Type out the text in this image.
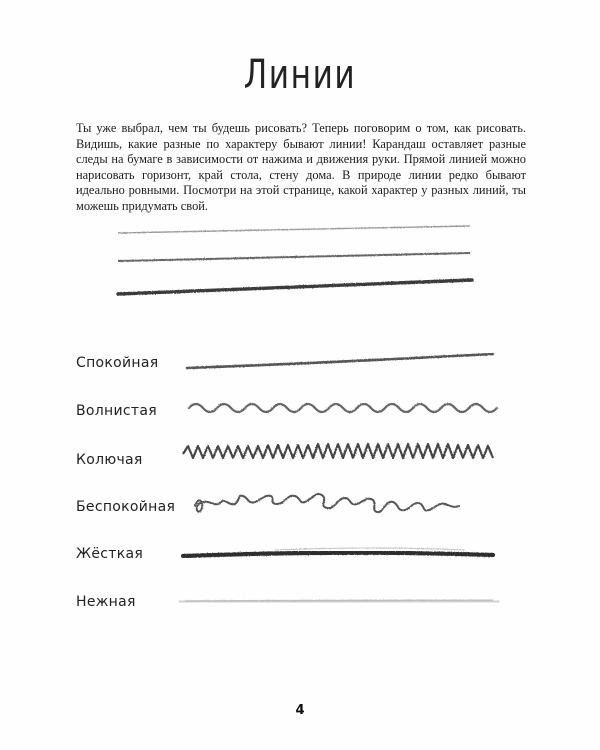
Линии

Ты уже выбрал, чем ты будешь рисовать? Теперь поговорим о том, как рисовать. Видишь, какие разные по характеру бывают линии! Карандаш оставляет разные следы на бумаге в зависимости от нажима и движения руки. Прямой линией можно нарисовать горизонт, край стола, стену дома. В природе линии редко бывают идеально ровными. Посмотри на этой странице, какой характер у разных линий, ты можешь придумать свой.

Спокойная
Волнистая
Колючая
Беспокойная
Жёсткая
Нежная
4
